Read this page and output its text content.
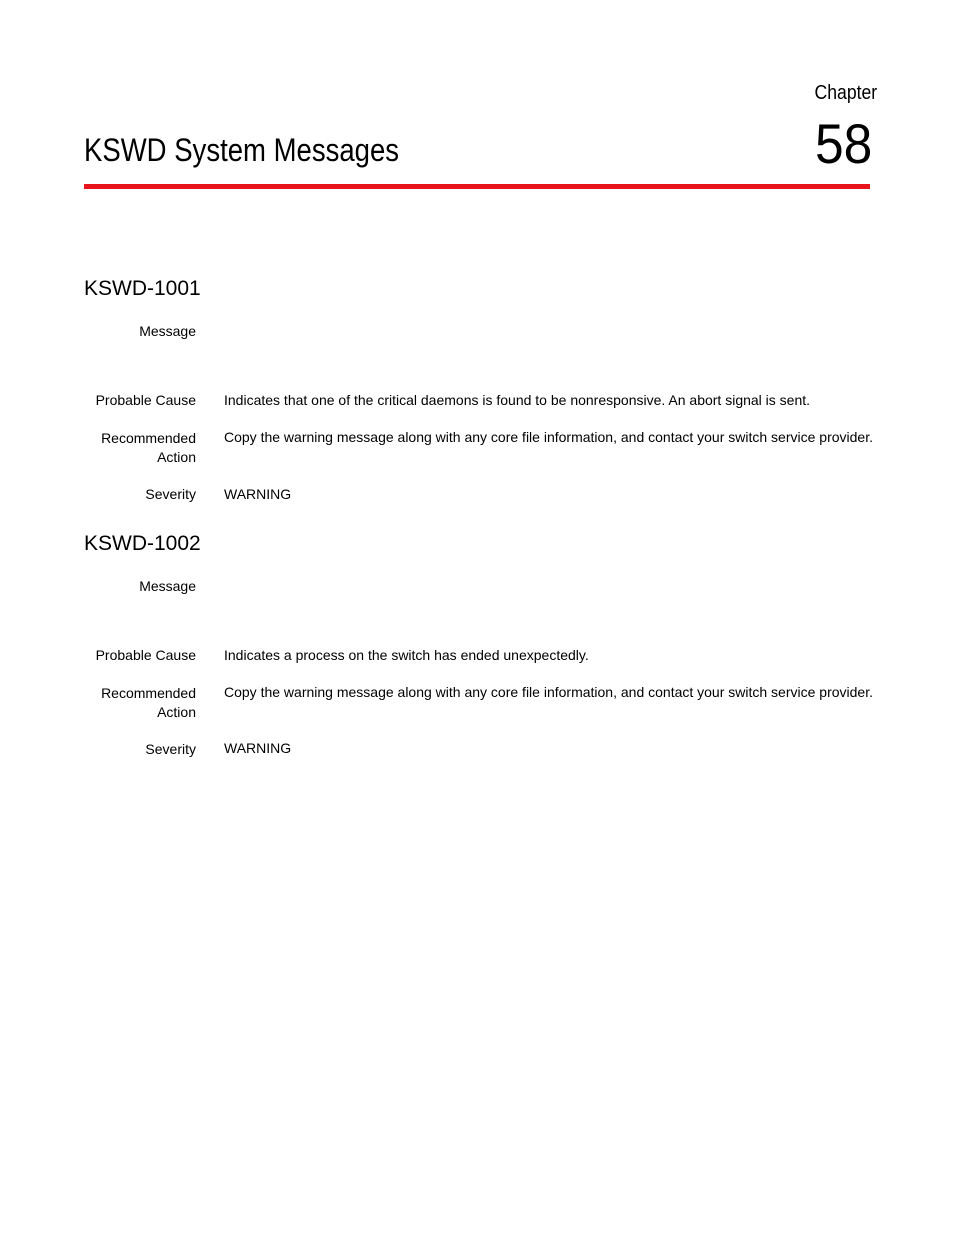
Chapter
58
KSWD System Messages
KSWD-1001
Message
Probable Cause Indicates that one of the critical daemons is found to be nonresponsive. An abort signal is sent.
Recommended
Action
Copy the warning message along with any core file information, and contact your switch service provider.
Severity WARNING
KSWD-1002
Message
Probable Cause Indicates a process on the switch has ended unexpectedly.
Recommended
Action
Copy the warning message along with any core file information, and contact your switch service provider.
Severity WARNING
